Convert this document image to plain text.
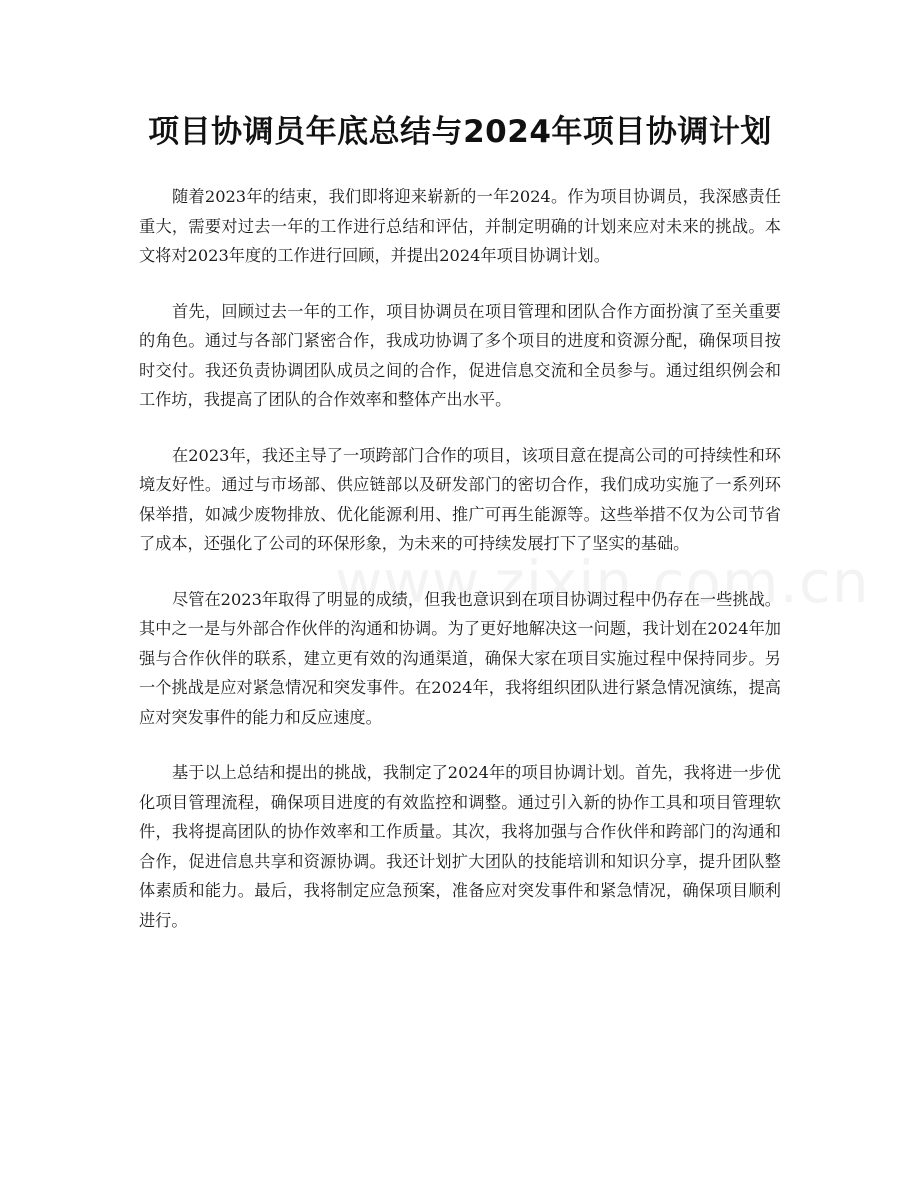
项目协调员年底总结与2024年项目协调计划

随着2023年的结束，我们即将迎来崭新的一年2024。作为项目协调员，我深感责任重大，需要对过去一年的工作进行总结和评估，并制定明确的计划来应对未来的挑战。本文将对2023年度的工作进行回顾，并提出2024年项目协调计划。

首先，回顾过去一年的工作，项目协调员在项目管理和团队合作方面扮演了至关重要的角色。通过与各部门紧密合作，我成功协调了多个项目的进度和资源分配，确保项目按时交付。我还负责协调团队成员之间的合作，促进信息交流和全员参与。通过组织例会和工作坊，我提高了团队的合作效率和整体产出水平。

在2023年，我还主导了一项跨部门合作的项目，该项目意在提高公司的可持续性和环境友好性。通过与市场部、供应链部以及研发部门的密切合作，我们成功实施了一系列环保举措，如减少废物排放、优化能源利用、推广可再生能源等。这些举措不仅为公司节省了成本，还强化了公司的环保形象，为未来的可持续发展打下了坚实的基础。

尽管在2023年取得了明显的成绩，但我也意识到在项目协调过程中仍存在一些挑战。其中之一是与外部合作伙伴的沟通和协调。为了更好地解决这一问题，我计划在2024年加强与合作伙伴的联系，建立更有效的沟通渠道，确保大家在项目实施过程中保持同步。另一个挑战是应对紧急情况和突发事件。在2024年，我将组织团队进行紧急情况演练，提高应对突发事件的能力和反应速度。

基于以上总结和提出的挑战，我制定了2024年的项目协调计划。首先，我将进一步优化项目管理流程，确保项目进度的有效监控和调整。通过引入新的协作工具和项目管理软件，我将提高团队的协作效率和工作质量。其次，我将加强与合作伙伴和跨部门的沟通和合作，促进信息共享和资源协调。我还计划扩大团队的技能培训和知识分享，提升团队整体素质和能力。最后，我将制定应急预案，准备应对突发事件和紧急情况，确保项目顺利进行。
